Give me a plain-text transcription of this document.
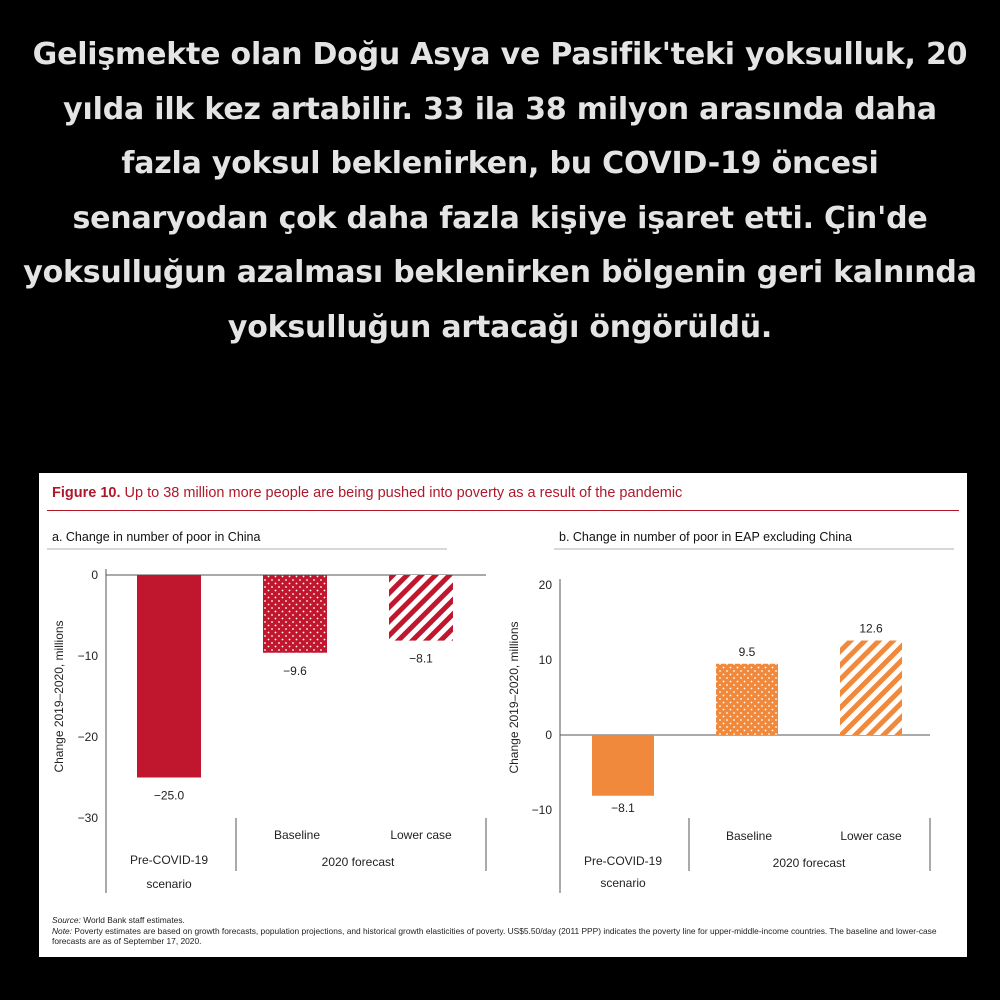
Gelişmekte olan Doğu Asya ve Pasifik'teki yoksulluk, 20 yılda ilk kez artabilir. 33 ila 38 milyon arasında daha fazla yoksul beklenirken, bu COVID-19 öncesi senaryodan çok daha fazla kişiye işaret etti. Çin'de yoksulluğun azalması beklenirken bölgenin geri kalnında yoksulluğun artacağı öngörüldü.

Figure 10. Up to 38 million more people are being pushed into poverty as a result of the pandemic
a. Change in number of poor in China
Change 2019–2020, millions
0
−10
−20
−30
−25.0
−9.6
−8.1
Pre-COVID-19
scenario
Baseline	Lower case
2020 forecast
b. Change in number of poor in EAP excluding China
Change 2019–2020, millions
20
10
0
−10	−8.1
9.5
12.6
Pre-COVID-19
scenario
Baseline	Lower case
2020 forecast
Source: World Bank staff estimates.
Note: Poverty estimates are based on growth forecasts, population projections, and historical growth elasticities of poverty. US$5.50/day (2011 PPP) indicates the poverty line for upper-middle-income countries. The baseline and lower-case forecasts are as of September 17, 2020.
